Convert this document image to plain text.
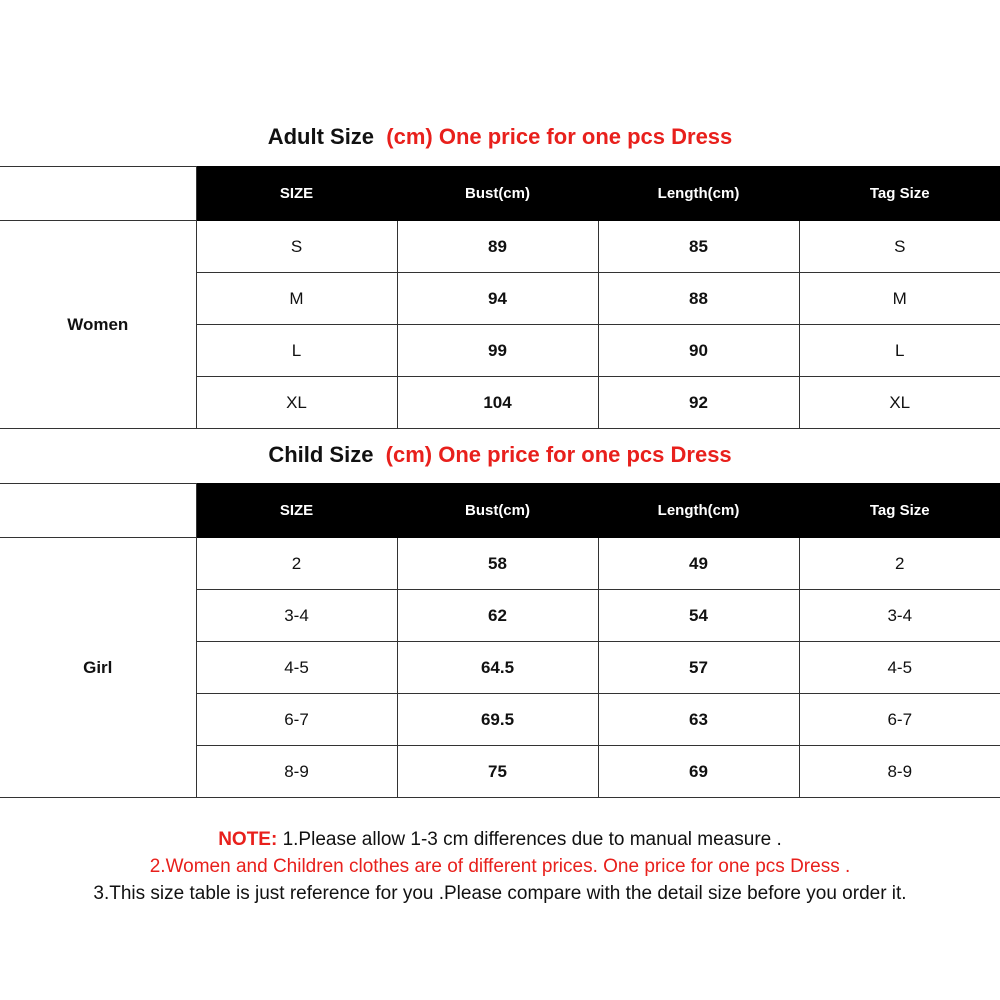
Adult Size (cm) One price for one pcs Dress
	SIZE	Bust(cm)	Length(cm)	Tag Size
Women	S	89	85	S
	M	94	88	M
	L	99	90	L
	XL	104	92	XL
Child Size (cm) One price for one pcs Dress
	SIZE	Bust(cm)	Length(cm)	Tag Size
Girl	2	58	49	2
	3-4	62	54	3-4
	4-5	64.5	57	4-5
	6-7	69.5	63	6-7
	8-9	75	69	8-9
NOTE: 1.Please allow 1-3 cm differences due to manual measure .
2.Women and Children clothes are of different prices. One price for one pcs Dress .
3.This size table is just reference for you .Please compare with the detail size before you order it.
